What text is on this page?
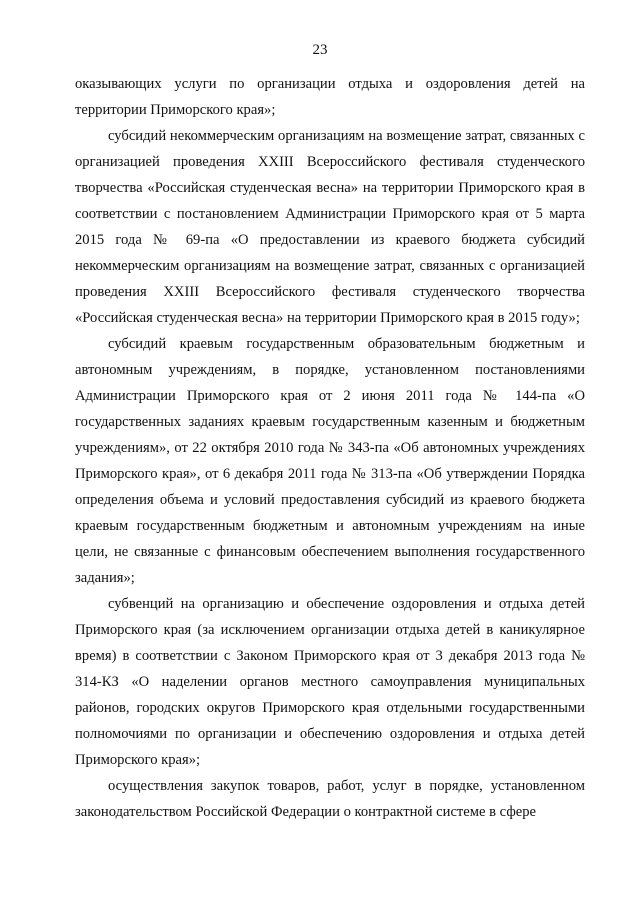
23

оказывающих услуги по организации отдыха и оздоровления детей на территории Приморского края»;

субсидий некоммерческим организациям на возмещение затрат, связанных с организацией проведения XXIII Всероссийского фестиваля студенческого творчества «Российская студенческая весна» на территории Приморского края в соответствии с постановлением Администрации Приморского края от 5 марта 2015 года № 69-па «О предоставлении из краевого бюджета субсидий некоммерческим организациям на возмещение затрат, связанных с организацией проведения XXIII Всероссийского фестиваля студенческого творчества «Российская студенческая весна» на территории Приморского края в 2015 году»;

субсидий краевым государственным образовательным бюджетным и автономным учреждениям, в порядке, установленном постановлениями Администрации Приморского края от 2 июня 2011 года № 144-па «О государственных заданиях краевым государственным казенным и бюджетным учреждениям», от 22 октября 2010 года № 343-па «Об автономных учреждениях Приморского края», от 6 декабря 2011 года № 313-па «Об утверждении Порядка определения объема и условий предоставления субсидий из краевого бюджета краевым государственным бюджетным и автономным учреждениям на иные цели, не связанные с финансовым обеспечением выполнения государственного задания»;

субвенций на организацию и обеспечение оздоровления и отдыха детей Приморского края (за исключением организации отдыха детей в каникулярное время) в соответствии с Законом Приморского края от 3 декабря 2013 года № 314-КЗ «О наделении органов местного самоуправления муниципальных районов, городских округов Приморского края отдельными государственными полномочиями по организации и обеспечению оздоровления и отдыха детей Приморского края»;

осуществления закупок товаров, работ, услуг в порядке, установленном законодательством Российской Федерации о контрактной системе в сфере
